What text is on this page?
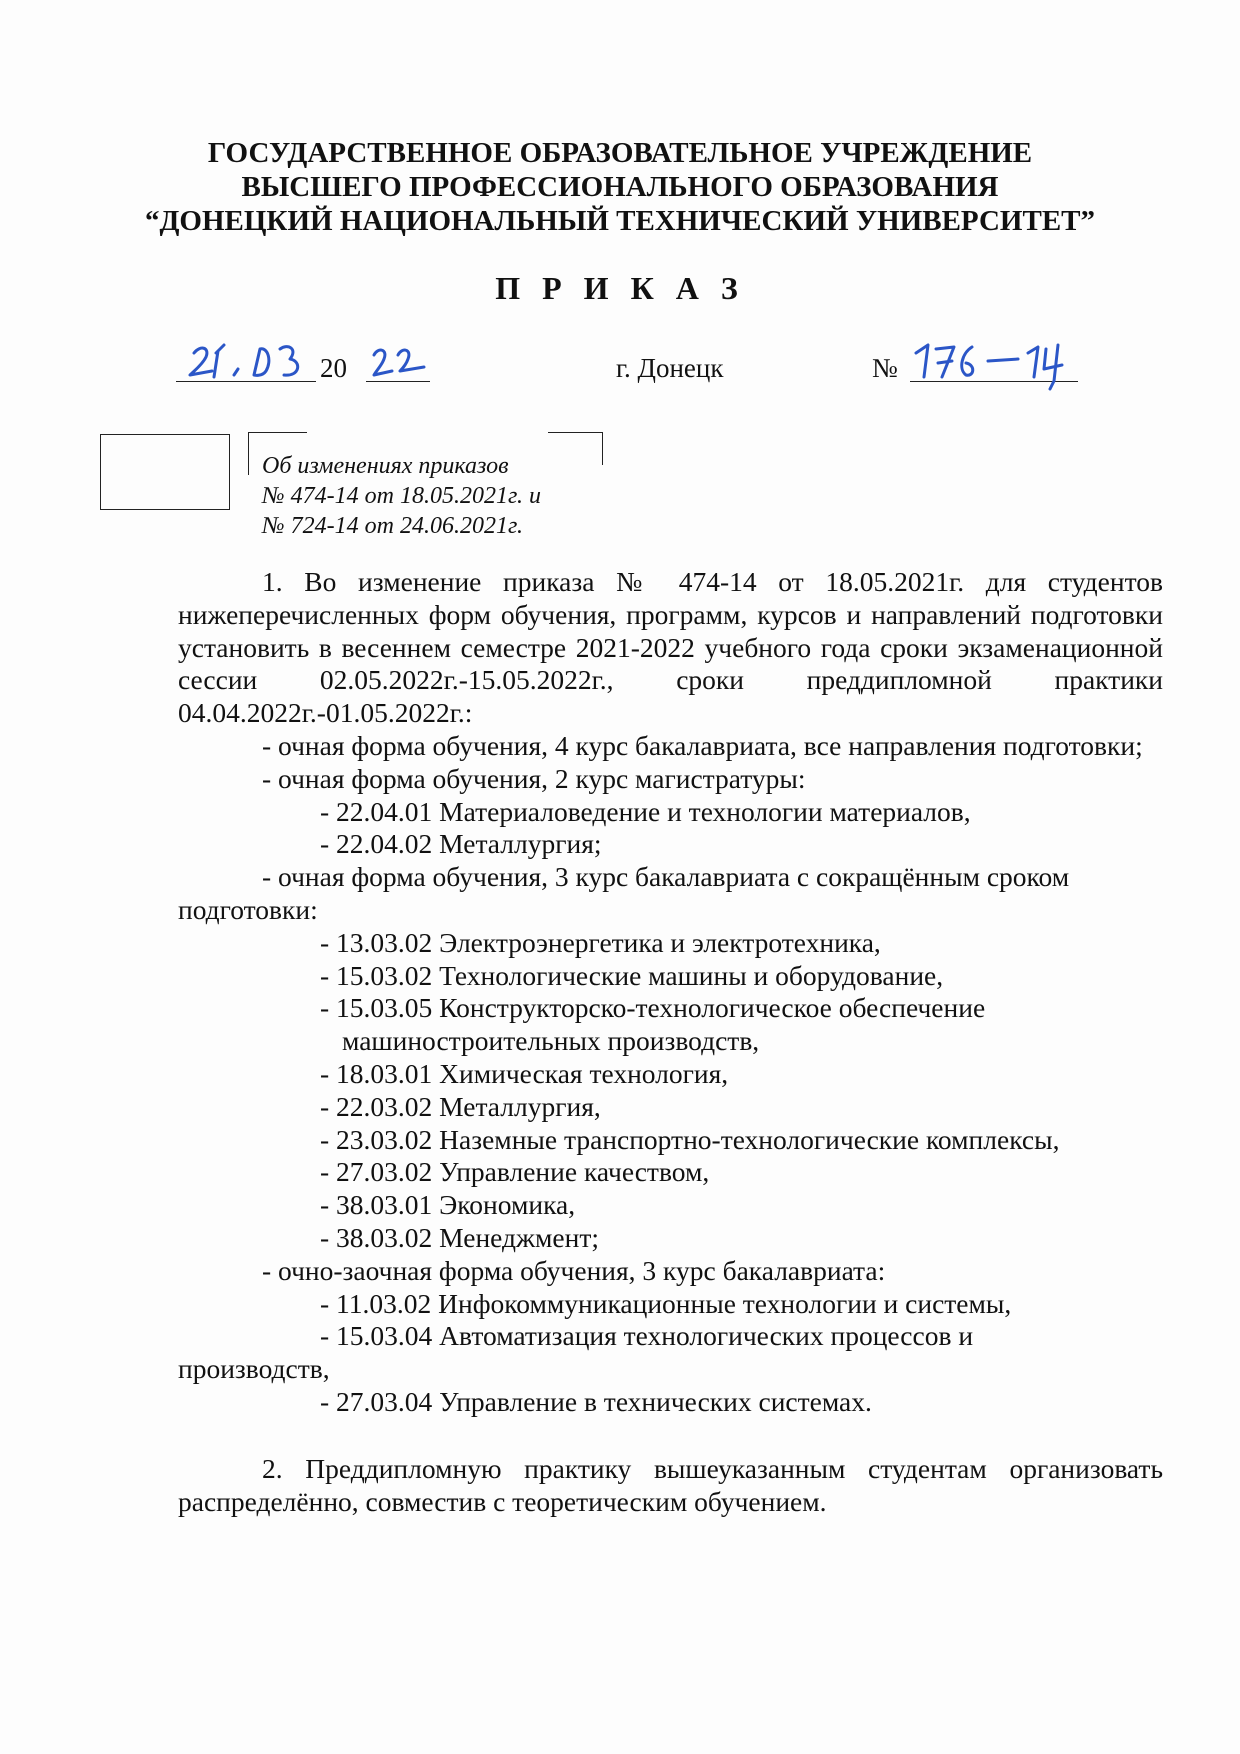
ГОСУДАРСТВЕННОЕ ОБРАЗОВАТЕЛЬНОЕ УЧРЕЖДЕНИЕ
ВЫСШЕГО ПРОФЕССИОНАЛЬНОГО ОБРАЗОВАНИЯ
“ДОНЕЦКИЙ НАЦИОНАЛЬНЫЙ ТЕХНИЧЕСКИЙ УНИВЕРСИТЕТ”
П Р И К А З
20	г. Донецк	№
Об изменениях приказов
№ 474-14 от 18.05.2021г. и
№ 724-14 от 24.06.2021г.

1. Во изменение приказа № 474-14 от 18.05.2021г. для студентов нижеперечисленных форм обучения, программ, курсов и направлений подготовки установить в весеннем семестре 2021-2022 учебного года сроки экзаменационной сессии 02.05.2022г.-15.05.2022г., сроки преддипломной практики 04.04.2022г.-01.05.2022г.:

- очная форма обучения, 4 курс бакалавриата, все направления подготовки;

- очная форма обучения, 2 курс магистратуры:

- 22.04.01 Материаловедение и технологии материалов,

- 22.04.02 Металлургия;

- очная форма обучения, 3 курс бакалавриата с сокращённым сроком подготовки:

- 13.03.02 Электроэнергетика и электротехника,

- 15.03.02 Технологические машины и оборудование,

- 15.03.05 Конструкторско-технологическое обеспечение машиностроительных производств,

- 18.03.01 Химическая технология,

- 22.03.02 Металлургия,

- 23.03.02 Наземные транспортно-технологические комплексы,

- 27.03.02 Управление качеством,

- 38.03.01 Экономика,

- 38.03.02 Менеджмент;

- очно-заочная форма обучения, 3 курс бакалавриата:

- 11.03.02 Инфокоммуникационные технологии и системы,

- 15.03.04 Автоматизация технологических процессов и

производств,

- 27.03.04 Управление в технических системах.

2. Преддипломную практику вышеуказанным студентам организовать распределённо, совместив с теоретическим обучением.
